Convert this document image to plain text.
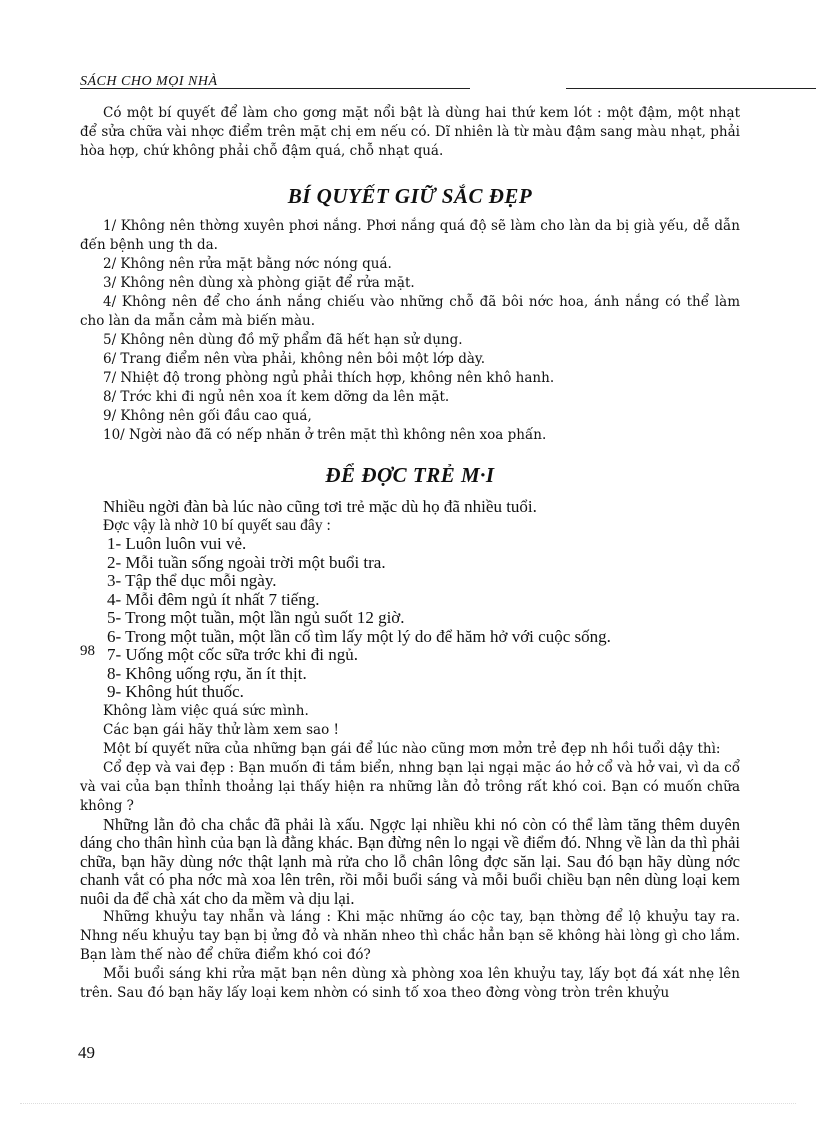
SÁCH CHO MỌI NHÀ

Có một bí quyết để làm cho gơng mặt nổi bật là dùng hai thứ kem lót : một đậm, một nhạt để sửa chữa vài nhợc điểm trên mặt chị em nếu có. Dĩ nhiên là từ màu đậm sang màu nhạt, phải hòa hợp, chứ không phải chỗ đậm quá, chỗ nhạt quá.

BÍ QUYẾT GIỮ SẮC ĐẸP

1/ Không nên thờng xuyên phơi nắng. Phơi nắng quá độ sẽ làm cho làn da bị già yếu, dễ dẫn đến bệnh ung th da.

2/ Không nên rửa mặt bằng nớc nóng quá.

3/ Không nên dùng xà phòng giặt để rửa mặt.

4/ Không nên để cho ánh nắng chiếu vào những chỗ đã bôi nớc hoa, ánh nắng có thể làm cho làn da mẫn cảm mà biến màu.

5/ Không nên dùng đồ mỹ phẩm đã hết hạn sử dụng.

6/ Trang điểm nên vừa phải, không nên bôi một lớp dày.

7/ Nhiệt độ trong phòng ngủ phải thích hợp, không nên khô hanh.

8/ Trớc khi đi ngủ nên xoa ít kem dỡng da lên mặt.

9/ Không nên gối đầu cao quá,

10/ Ngời nào đã có nếp nhăn ở trên mặt thì không nên xoa phấn.

ĐỂ ĐỢC TRẺ M·I

Nhiều ngời đàn bà lúc nào cũng tơi trẻ mặc dù họ đã nhiều tuổi.

Đợc vậy là nhờ 10 bí quyết sau đây :

1- Luôn luôn vui vẻ.

2- Mỗi tuần sống ngoài trời một buổi tra.

3- Tập thể dục mỗi ngày.

4- Mỗi đêm ngủ ít nhất 7 tiếng.

5- Trong một tuần, một lần ngủ suốt 12 giờ.

6- Trong một tuần, một lần cố tìm lấy một lý do để hăm hở với cuộc sống.

7- Uống một cốc sữa trớc khi đi ngủ.

8- Không uống rợu, ăn ít thịt.

9- Không hút thuốc.

Không làm việc quá sức mình.

Các bạn gái hãy thử làm xem sao !

Một bí quyết nữa của những bạn gái để lúc nào cũng mơn mởn trẻ đẹp nh hồi tuổi dậy thì:

Cổ đẹp và vai đẹp : Bạn muốn đi tắm biển, nhng bạn lại ngại mặc áo hở cổ và hở vai, vì da cổ và vai của bạn thỉnh thoảng lại thấy hiện ra những lằn đỏ trông rất khó coi. Bạn có muốn chữa không ?

Những lằn đỏ cha chắc đã phải là xấu. Ngợc lại nhiều khi nó còn có thể làm tăng thêm duyên dáng cho thân hình của bạn là đằng khác. Bạn đừng nên lo ngại về điểm đó. Nhng về làn da thì phải chữa, bạn hãy dùng nớc thật lạnh mà rửa cho lỗ chân lông đợc săn lại. Sau đó bạn hãy dùng nớc chanh vắt có pha nớc mà xoa lên trên, rồi mỗi buổi sáng và mỗi buổi chiều bạn nên dùng loại kem nuôi da để chà xát cho da mềm và dịu lại.

Những khuỷu tay nhẵn và láng : Khi mặc những áo cộc tay, bạn thờng để lộ khuỷu tay ra. Nhng nếu khuỷu tay bạn bị ửng đỏ và nhăn nheo thì chắc hẳn bạn sẽ không hài lòng gì cho lắm. Bạn làm thế nào để chữa điểm khó coi đó?

Mỗi buổi sáng khi rửa mặt bạn nên dùng xà phòng xoa lên khuỷu tay, lấy bọt đá xát nhẹ lên trên. Sau đó bạn hãy lấy loại kem nhờn có sinh tố xoa theo đờng vòng tròn trên khuỷu

98
49
